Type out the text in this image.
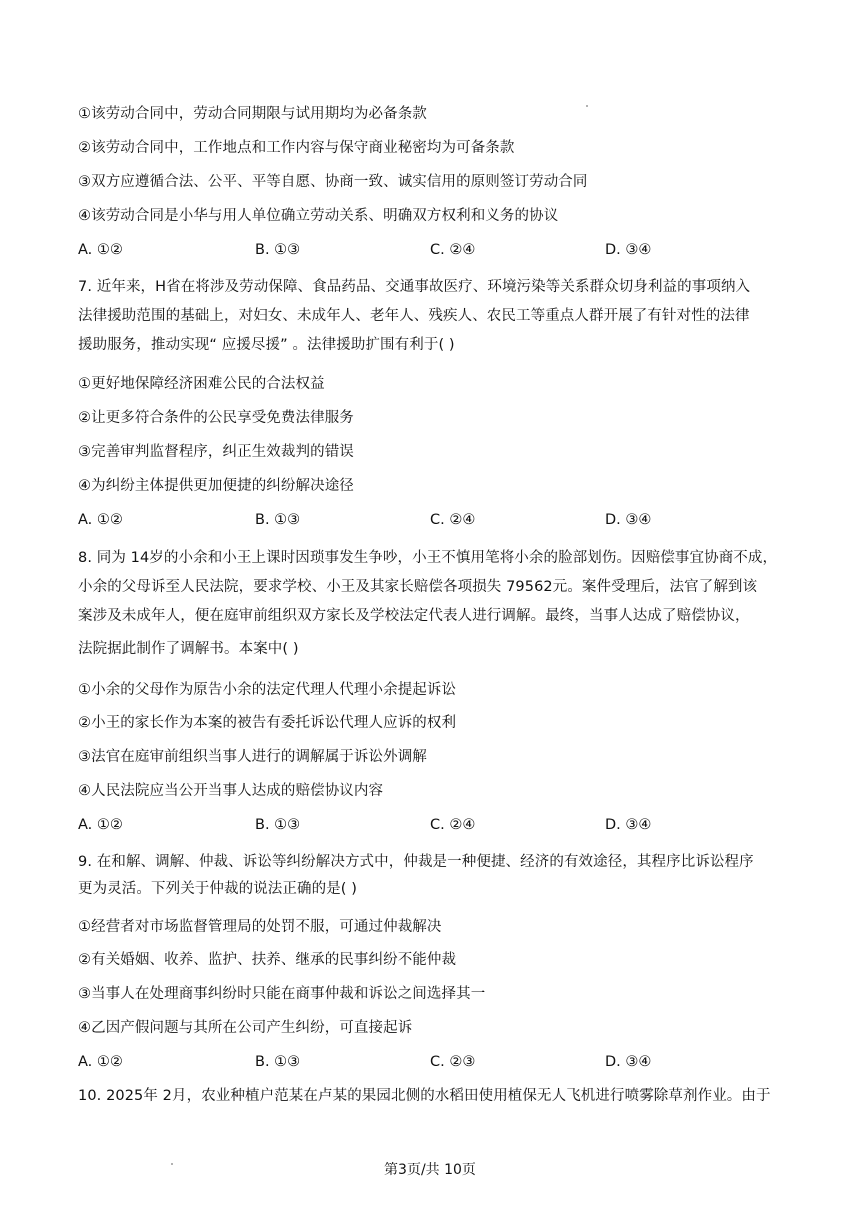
①该劳动合同中，劳动合同期限与试用期均为必备条款
②该劳动合同中，工作地点和工作内容与保守商业秘密均为可备条款
③双方应遵循合法、公平、平等自愿、协商一致、诚实信用的原则签订劳动合同
④该劳动合同是小华与用人单位确立劳动关系、明确双方权利和义务的协议
A. ①②	B. ①③	C. ②④	D. ③④
7. 近年来，H省在将涉及劳动保障、食品药品、交通事故医疗、环境污染等关系群众切身利益的事项纳入
法律援助范围的基础上，对妇女、未成年人、老年人、残疾人、农民工等重点人群开展了有针对性的法律
援助服务，推动实现“ 应援尽援” 。法律援助扩围有利于( )
①更好地保障经济困难公民的合法权益
②让更多符合条件的公民享受免费法律服务
③完善审判监督程序，纠正生效裁判的错误
④为纠纷主体提供更加便捷的纠纷解决途径
A. ①②	B. ①③	C. ②④	D. ③④
8. 同为 14岁的小余和小王上课时因琐事发生争吵，小王不慎用笔将小余的脸部划伤。因赔偿事宜协商不成，
小余的父母诉至人民法院，要求学校、小王及其家长赔偿各项损失 79562元。案件受理后，法官了解到该
案涉及未成年人，便在庭审前组织双方家长及学校法定代表人进行调解。最终，当事人达成了赔偿协议，
法院据此制作了调解书。本案中( )
①小余的父母作为原告小余的法定代理人代理小余提起诉讼
②小王的家长作为本案的被告有委托诉讼代理人应诉的权利
③法官在庭审前组织当事人进行的调解属于诉讼外调解
④人民法院应当公开当事人达成的赔偿协议内容
A. ①②	B. ①③	C. ②④	D. ③④
9. 在和解、调解、仲裁、诉讼等纠纷解决方式中，仲裁是一种便捷、经济的有效途径，其程序比诉讼程序
更为灵活。下列关于仲裁的说法正确的是( )
①经营者对市场监督管理局的处罚不服，可通过仲裁解决
②有关婚姻、收养、监护、扶养、继承的民事纠纷不能仲裁
③当事人在处理商事纠纷时只能在商事仲裁和诉讼之间选择其一
④乙因产假问题与其所在公司产生纠纷，可直接起诉
A. ①②	B. ①③	C. ②③	D. ③④
10. 2025年 2月，农业种植户范某在卢某的果园北侧的水稻田使用植保无人飞机进行喷雾除草剂作业。由于
第3页/共 10页
